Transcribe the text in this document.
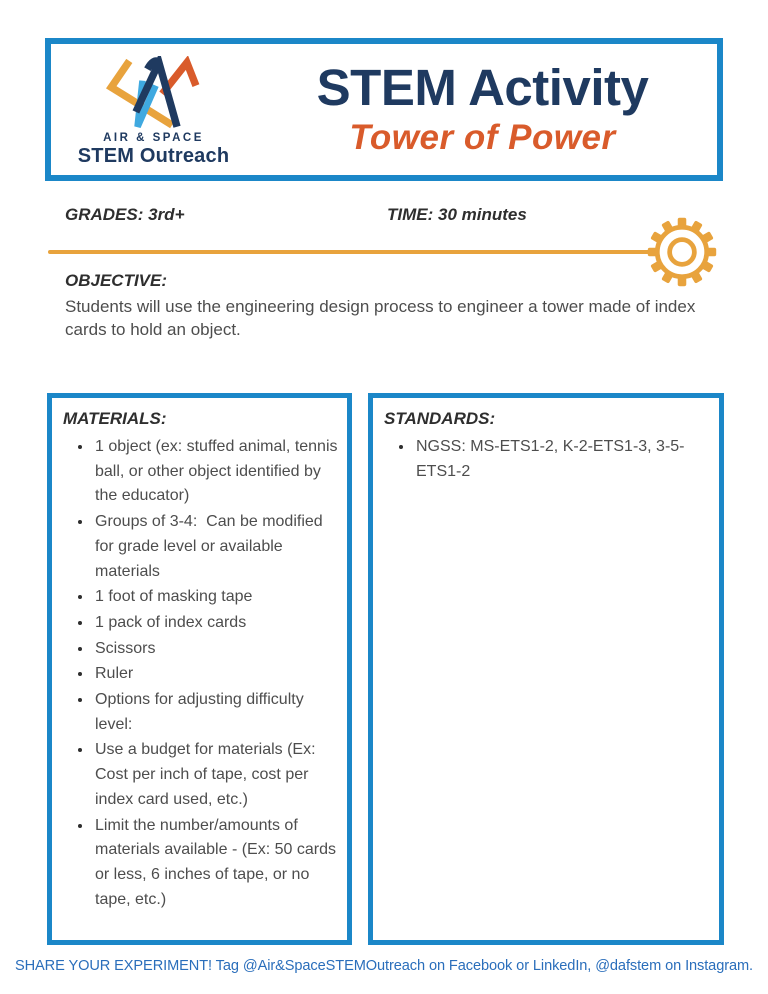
AIR & SPACE
STEM Outreach
STEM Activity
Tower of Power
GRADES: 3rd+	TIME: 30 minutes
OBJECTIVE:
Students will use the engineering design process to engineer a tower made of index cards to hold an object.
MATERIALS:
• 1 object (ex: stuffed animal, tennis ball, or other object identified by the educator)
• Groups of 3-4:  Can be modified for grade level or available materials
• 1 foot of masking tape
• 1 pack of index cards
• Scissors
• Ruler
• Options for adjusting difficulty level:
• Use a budget for materials (Ex: Cost per inch of tape, cost per index card used, etc.)
• Limit the number/amounts of materials available - (Ex: 50 cards or less, 6 inches of tape, or no tape, etc.)
STANDARDS:
• NGSS: MS-ETS1-2, K-2-ETS1-3, 3-5-ETS1-2
SHARE YOUR EXPERIMENT! Tag @Air&SpaceSTEMOutreach on Facebook or LinkedIn, @dafstem on Instagram.
